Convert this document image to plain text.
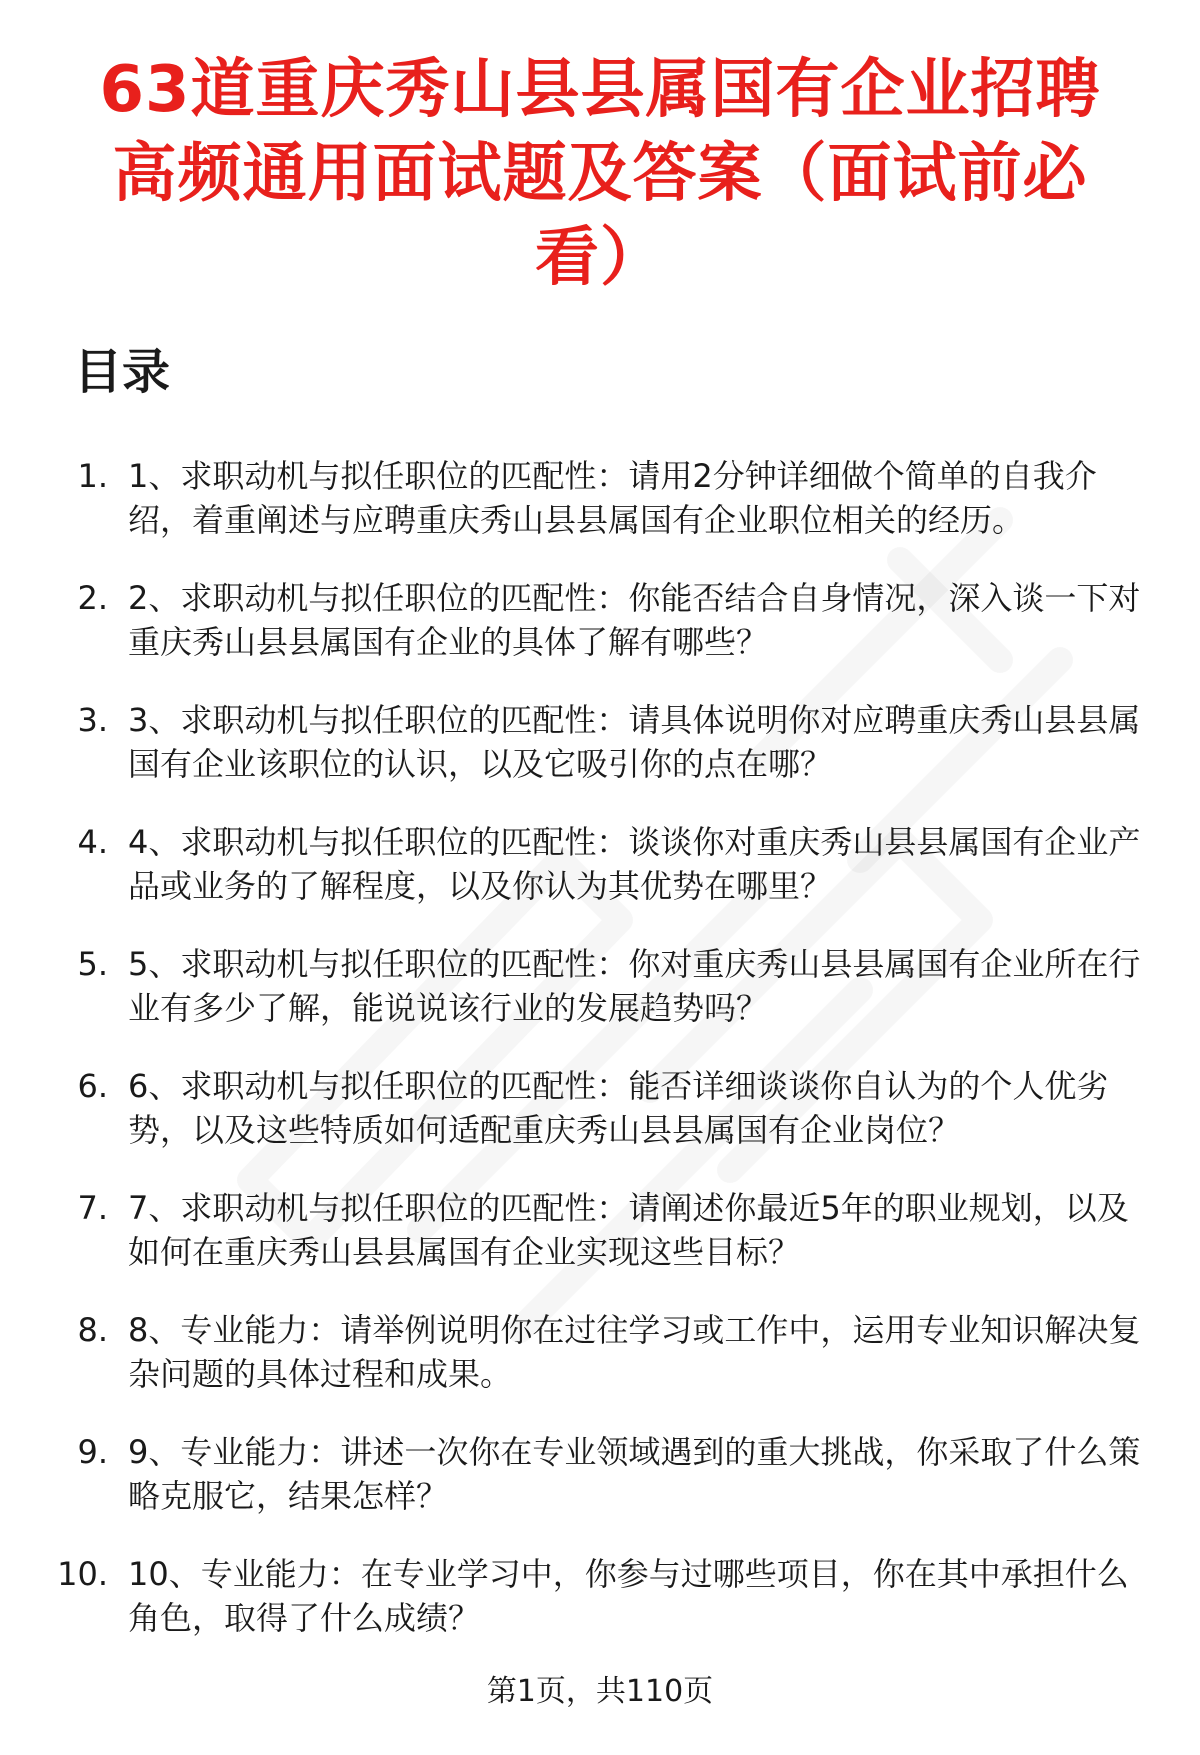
63道重庆秀山县县属国有企业招聘高频通用面试题及答案（面试前必看）
目录
1. 1、求职动机与拟任职位的匹配性：请用2分钟详细做个简单的自我介绍，着重阐述与应聘重庆秀山县县属国有企业职位相关的经历。
2. 2、求职动机与拟任职位的匹配性：你能否结合自身情况，深入谈一下对重庆秀山县县属国有企业的具体了解有哪些？
3. 3、求职动机与拟任职位的匹配性：请具体说明你对应聘重庆秀山县县属国有企业该职位的认识，以及它吸引你的点在哪？
4. 4、求职动机与拟任职位的匹配性：谈谈你对重庆秀山县县属国有企业产品或业务的了解程度，以及你认为其优势在哪里？
5. 5、求职动机与拟任职位的匹配性：你对重庆秀山县县属国有企业所在行业有多少了解，能说说该行业的发展趋势吗？
6. 6、求职动机与拟任职位的匹配性：能否详细谈谈你自认为的个人优劣势，以及这些特质如何适配重庆秀山县县属国有企业岗位？
7. 7、求职动机与拟任职位的匹配性：请阐述你最近5年的职业规划，以及如何在重庆秀山县县属国有企业实现这些目标？
8. 8、专业能力：请举例说明你在过往学习或工作中，运用专业知识解决复杂问题的具体过程和成果。
9. 9、专业能力：讲述一次你在专业领域遇到的重大挑战，你采取了什么策略克服它，结果怎样？
10. 10、专业能力：在专业学习中，你参与过哪些项目，你在其中承担什么角色，取得了什么成绩？
第1页，共110页
